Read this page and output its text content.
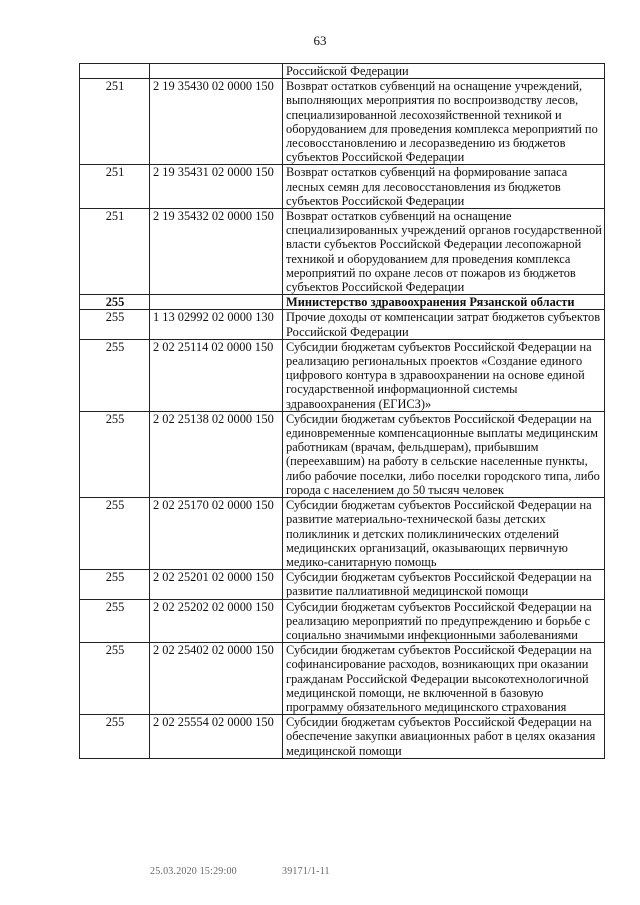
63
		Российской Федерации
251	2 19 35430 02 0000 150	Возврат остатков субвенций на оснащение учреждений, выполняющих мероприятия по воспроизводству лесов, специализированной лесохозяйственной техникой и оборудованием для проведения комплекса мероприятий по лесовосстановлению и лесоразведению из бюджетов субъектов Российской Федерации
251	2 19 35431 02 0000 150	Возврат остатков субвенций на формирование запаса лесных семян для лесовосстановления из бюджетов субъектов Российской Федерации
251	2 19 35432 02 0000 150	Возврат остатков субвенций на оснащение специализированных учреждений органов государственной власти субъектов Российской Федерации лесопожарной техникой и оборудованием для проведения комплекса мероприятий по охране лесов от пожаров из бюджетов субъектов Российской Федерации
255		Министерство здравоохранения Рязанской области
255	1 13 02992 02 0000 130	Прочие доходы от компенсации затрат бюджетов субъектов Российской Федерации
255	2 02 25114 02 0000 150	Субсидии бюджетам субъектов Российской Федерации на реализацию региональных проектов «Создание единого цифрового контура в здравоохранении на основе единой государственной информационной системы здравоохранения (ЕГИСЗ)»
255	2 02 25138 02 0000 150	Субсидии бюджетам субъектов Российской Федерации на единовременные компенсационные выплаты медицинским работникам (врачам, фельдшерам), прибывшим (переехавшим) на работу в сельские населенные пункты, либо рабочие поселки, либо поселки городского типа, либо города с населением до 50 тысяч человек
255	2 02 25170 02 0000 150	Субсидии бюджетам субъектов Российской Федерации на развитие материально-технической базы детских поликлиник и детских поликлинических отделений медицинских организаций, оказывающих первичную медико-санитарную помощь
255	2 02 25201 02 0000 150	Субсидии бюджетам субъектов Российской Федерации на развитие паллиативной медицинской помощи
255	2 02 25202 02 0000 150	Субсидии бюджетам субъектов Российской Федерации на реализацию мероприятий по предупреждению и борьбе с социально значимыми инфекционными заболеваниями
255	2 02 25402 02 0000 150	Субсидии бюджетам субъектов Российской Федерации на софинансирование расходов, возникающих при оказании гражданам Российской Федерации высокотехнологичной медицинской помощи, не включенной в базовую программу обязательного медицинского страхования
255	2 02 25554 02 0000 150	Субсидии бюджетам субъектов Российской Федерации на обеспечение закупки авиационных работ в целях оказания медицинской помощи
25.03.2020 15:29:00	39171/1-11
